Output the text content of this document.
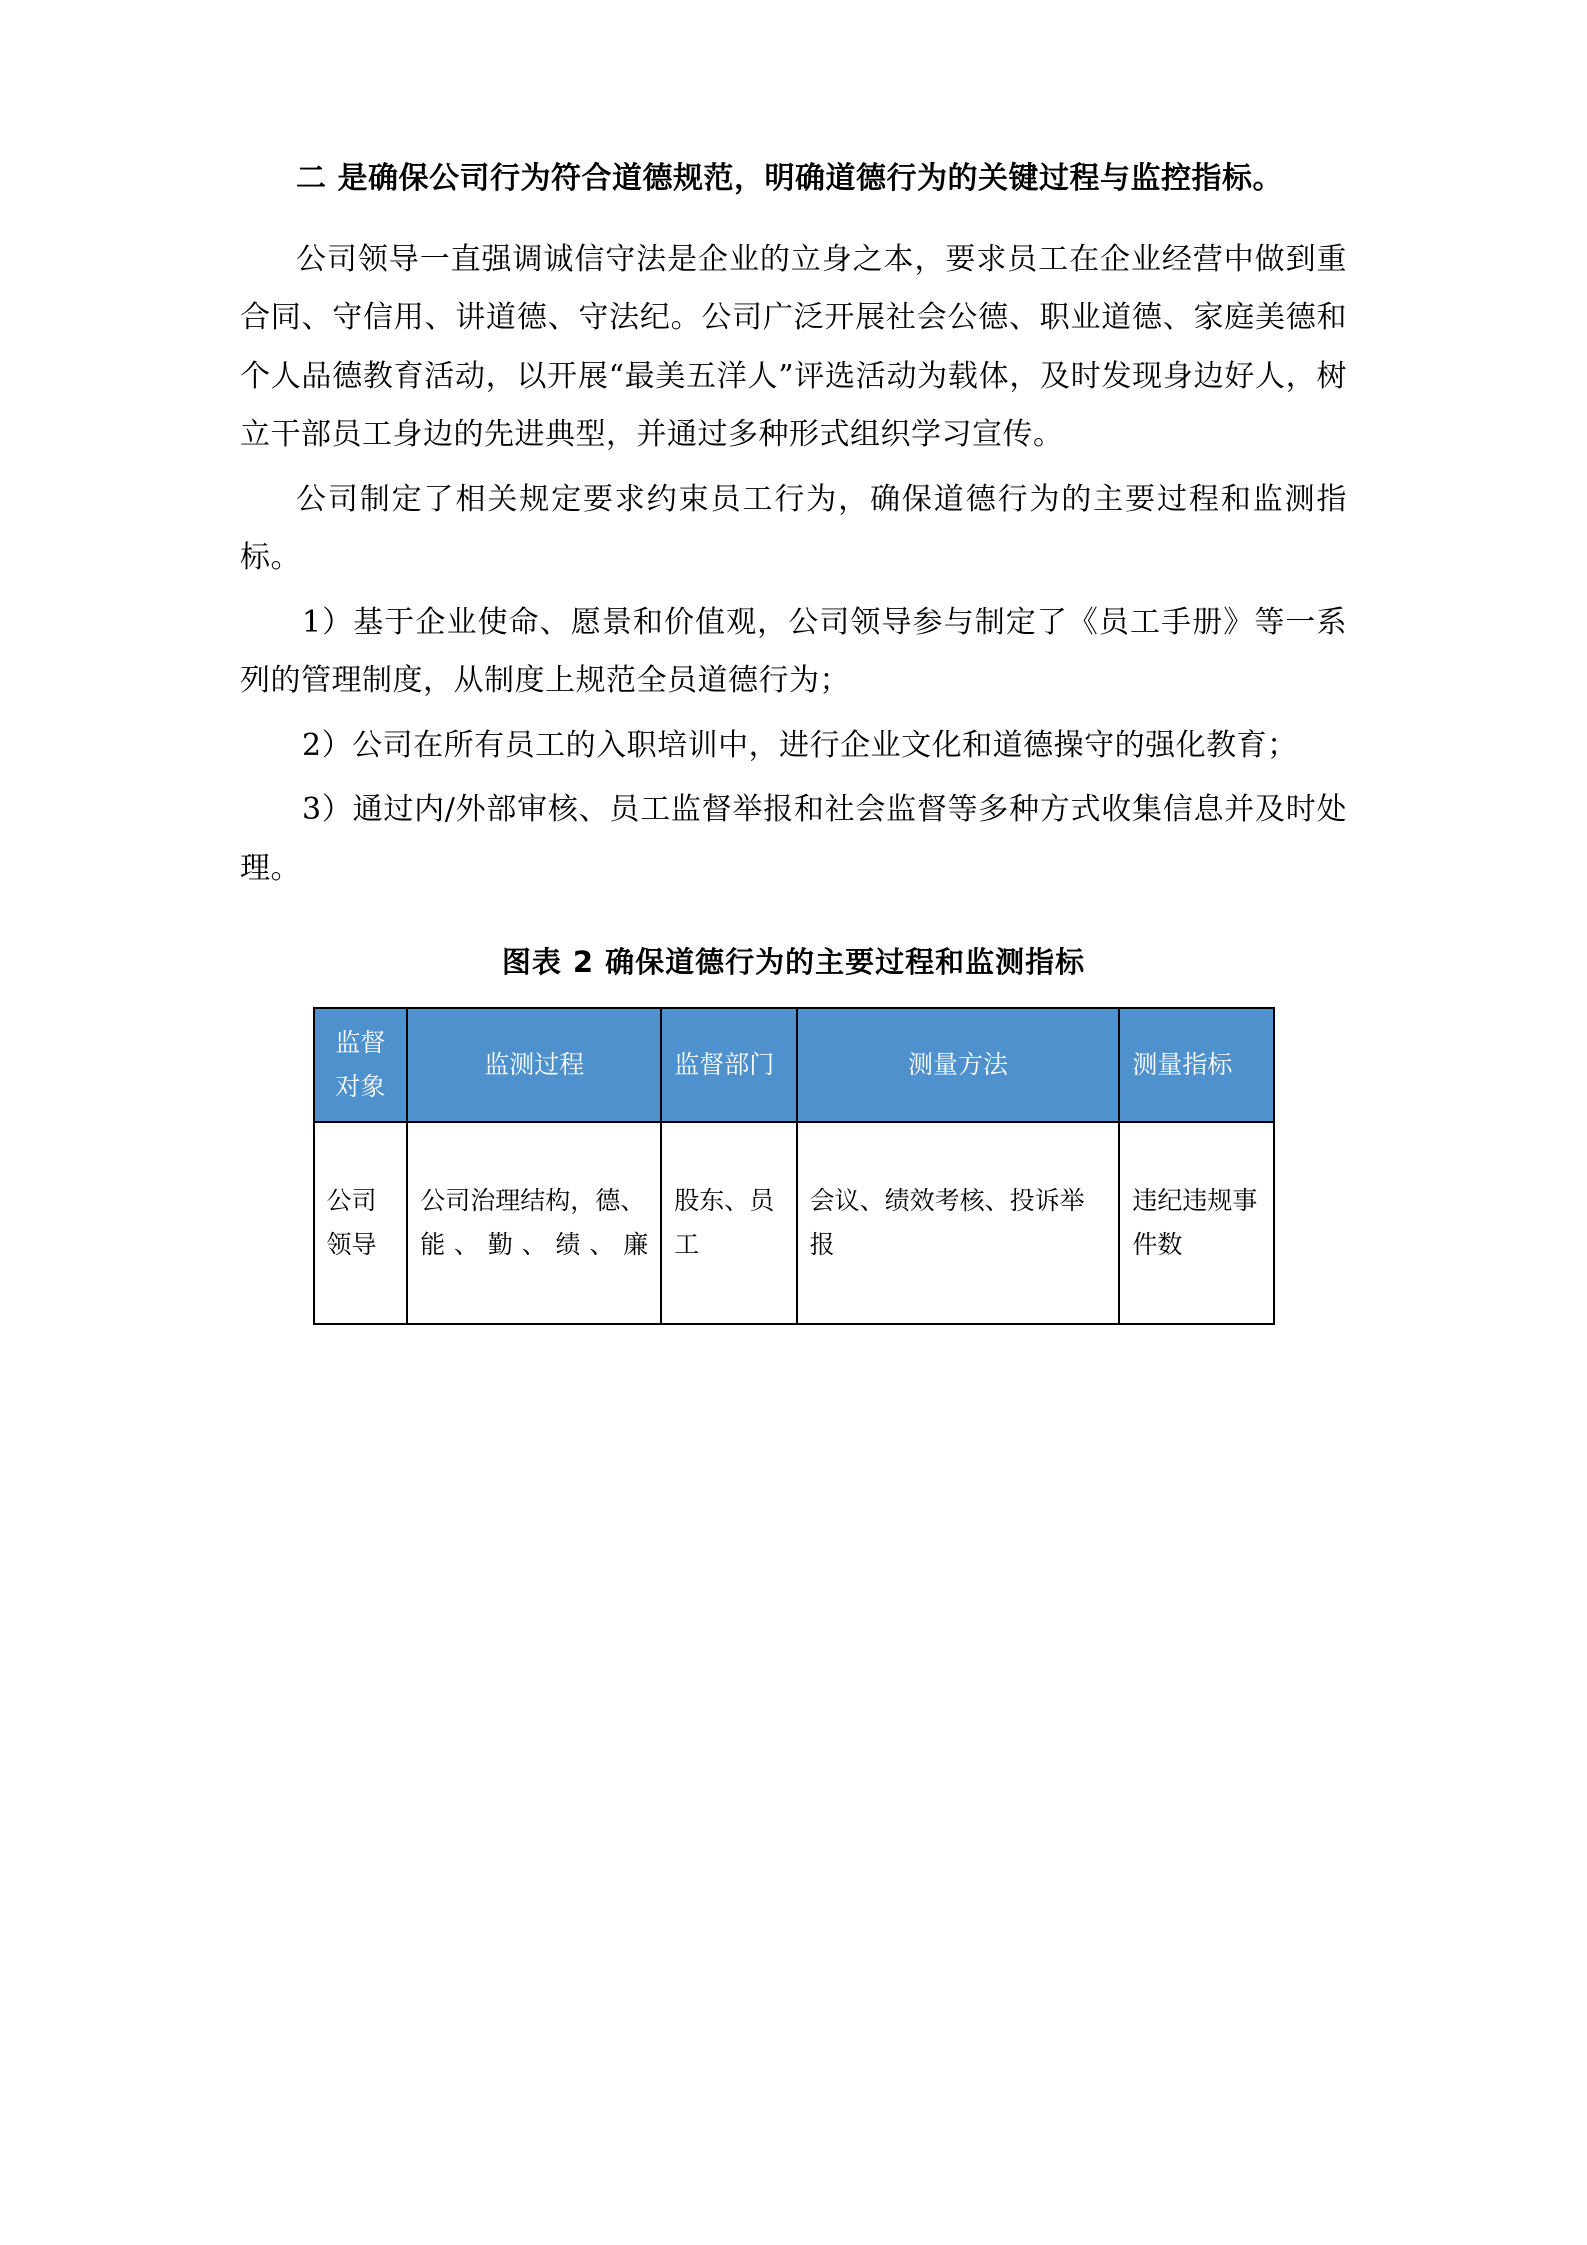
二 是确保公司行为符合道德规范，明确道德行为的关键过程与监控指标。

公司领导一直强调诚信守法是企业的立身之本，要求员工在企业经营中做到重合同、守信用、讲道德、守法纪。公司广泛开展社会公德、职业道德、家庭美德和个人品德教育活动，以开展“最美五洋人”评选活动为载体，及时发现身边好人，树立干部员工身边的先进典型，并通过多种形式组织学习宣传。

公司制定了相关规定要求约束员工行为，确保道德行为的主要过程和监测指标。

1）基于企业使命、愿景和价值观，公司领导参与制定了《员工手册》等一系列的管理制度，从制度上规范全员道德行为；

2）公司在所有员工的入职培训中，进行企业文化和道德操守的强化教育；

3）通过内/外部审核、员工监督举报和社会监督等多种方式收集信息并及时处理。

图表 2 确保道德行为的主要过程和监测指标
监督对象	监测过程	监督部门	测量方法	测量指标
公司领导	公司治理结构，德、能、勤、绩、廉	股东、员工	会议、绩效考核、投诉举报	违纪违规事件数
